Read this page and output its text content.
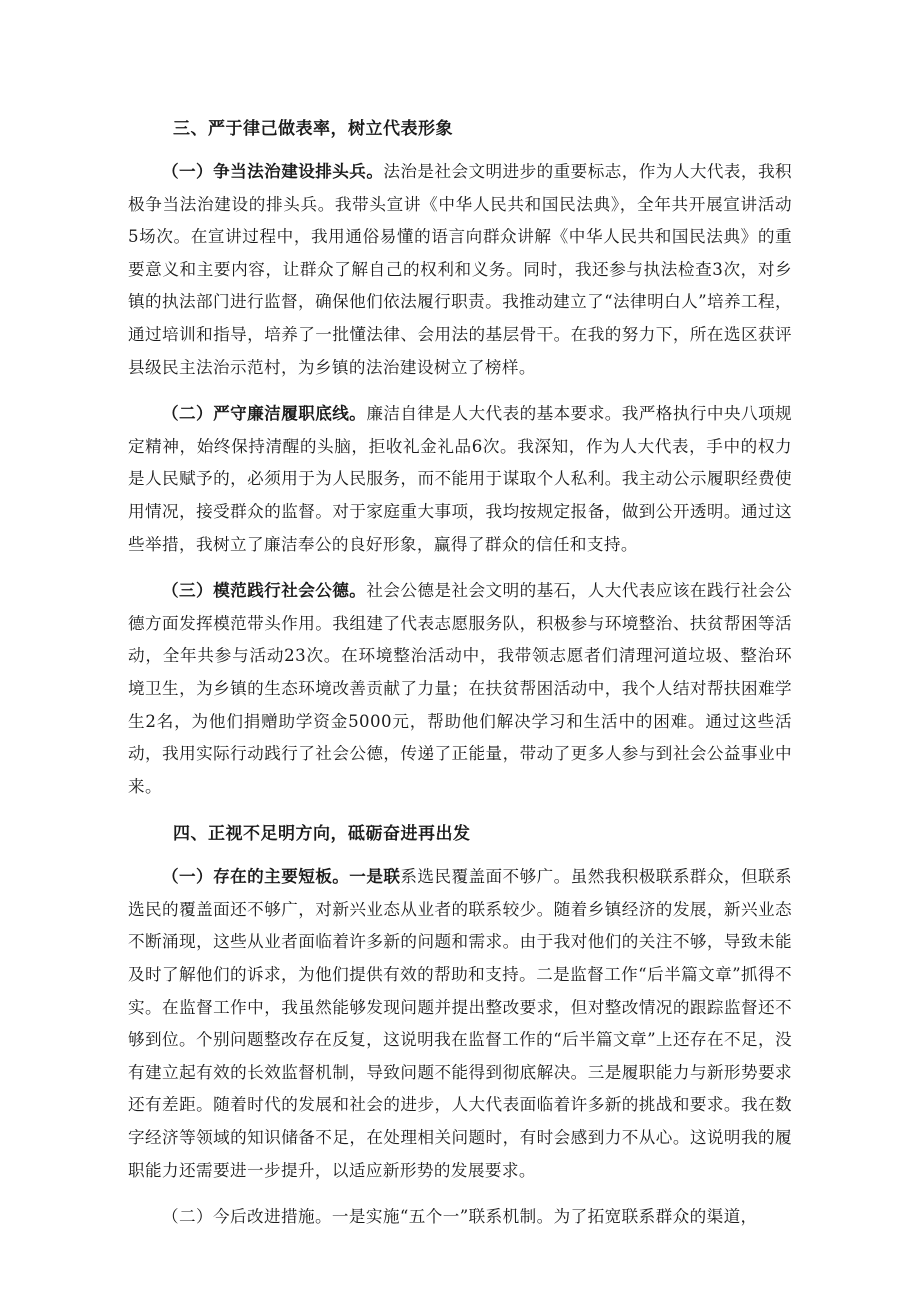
三、严于律己做表率，树立代表形象

（一）争当法治建设排头兵。法治是社会文明进步的重要标志，作为人大代表，我积极争当法治建设的排头兵。我带头宣讲《中华人民共和国民法典》，全年共开展宣讲活动5场次。在宣讲过程中，我用通俗易懂的语言向群众讲解《中华人民共和国民法典》的重要意义和主要内容，让群众了解自己的权利和义务。同时，我还参与执法检查3次，对乡镇的执法部门进行监督，确保他们依法履行职责。我推动建立了“法律明白人”培养工程，通过培训和指导，培养了一批懂法律、会用法的基层骨干。在我的努力下，所在选区获评县级民主法治示范村，为乡镇的法治建设树立了榜样。

（二）严守廉洁履职底线。廉洁自律是人大代表的基本要求。我严格执行中央八项规定精神，始终保持清醒的头脑，拒收礼金礼品6次。我深知，作为人大代表，手中的权力是人民赋予的，必须用于为人民服务，而不能用于谋取个人私利。我主动公示履职经费使用情况，接受群众的监督。对于家庭重大事项，我均按规定报备，做到公开透明。通过这些举措，我树立了廉洁奉公的良好形象，赢得了群众的信任和支持。

（三）模范践行社会公德。社会公德是社会文明的基石，人大代表应该在践行社会公德方面发挥模范带头作用。我组建了代表志愿服务队，积极参与环境整治、扶贫帮困等活动，全年共参与活动23次。在环境整治活动中，我带领志愿者们清理河道垃圾、整治环境卫生，为乡镇的生态环境改善贡献了力量；在扶贫帮困活动中，我个人结对帮扶困难学生2名，为他们捐赠助学资金5000元，帮助他们解决学习和生活中的困难。通过这些活动，我用实际行动践行了社会公德，传递了正能量，带动了更多人参与到社会公益事业中来。

四、正视不足明方向，砥砺奋进再出发

（一）存在的主要短板。一是联系选民覆盖面不够广。虽然我积极联系群众，但联系选民的覆盖面还不够广，对新兴业态从业者的联系较少。随着乡镇经济的发展，新兴业态不断涌现，这些从业者面临着许多新的问题和需求。由于我对他们的关注不够，导致未能及时了解他们的诉求，为他们提供有效的帮助和支持。二是监督工作“后半篇文章”抓得不实。在监督工作中，我虽然能够发现问题并提出整改要求，但对整改情况的跟踪监督还不够到位。个别问题整改存在反复，这说明我在监督工作的“后半篇文章”上还存在不足，没有建立起有效的长效监督机制，导致问题不能得到彻底解决。三是履职能力与新形势要求还有差距。随着时代的发展和社会的进步，人大代表面临着许多新的挑战和要求。我在数字经济等领域的知识储备不足，在处理相关问题时，有时会感到力不从心。这说明我的履职能力还需要进一步提升，以适应新形势的发展要求。

（二）今后改进措施。一是实施“五个一”联系机制。为了拓宽联系群众的渠道，
